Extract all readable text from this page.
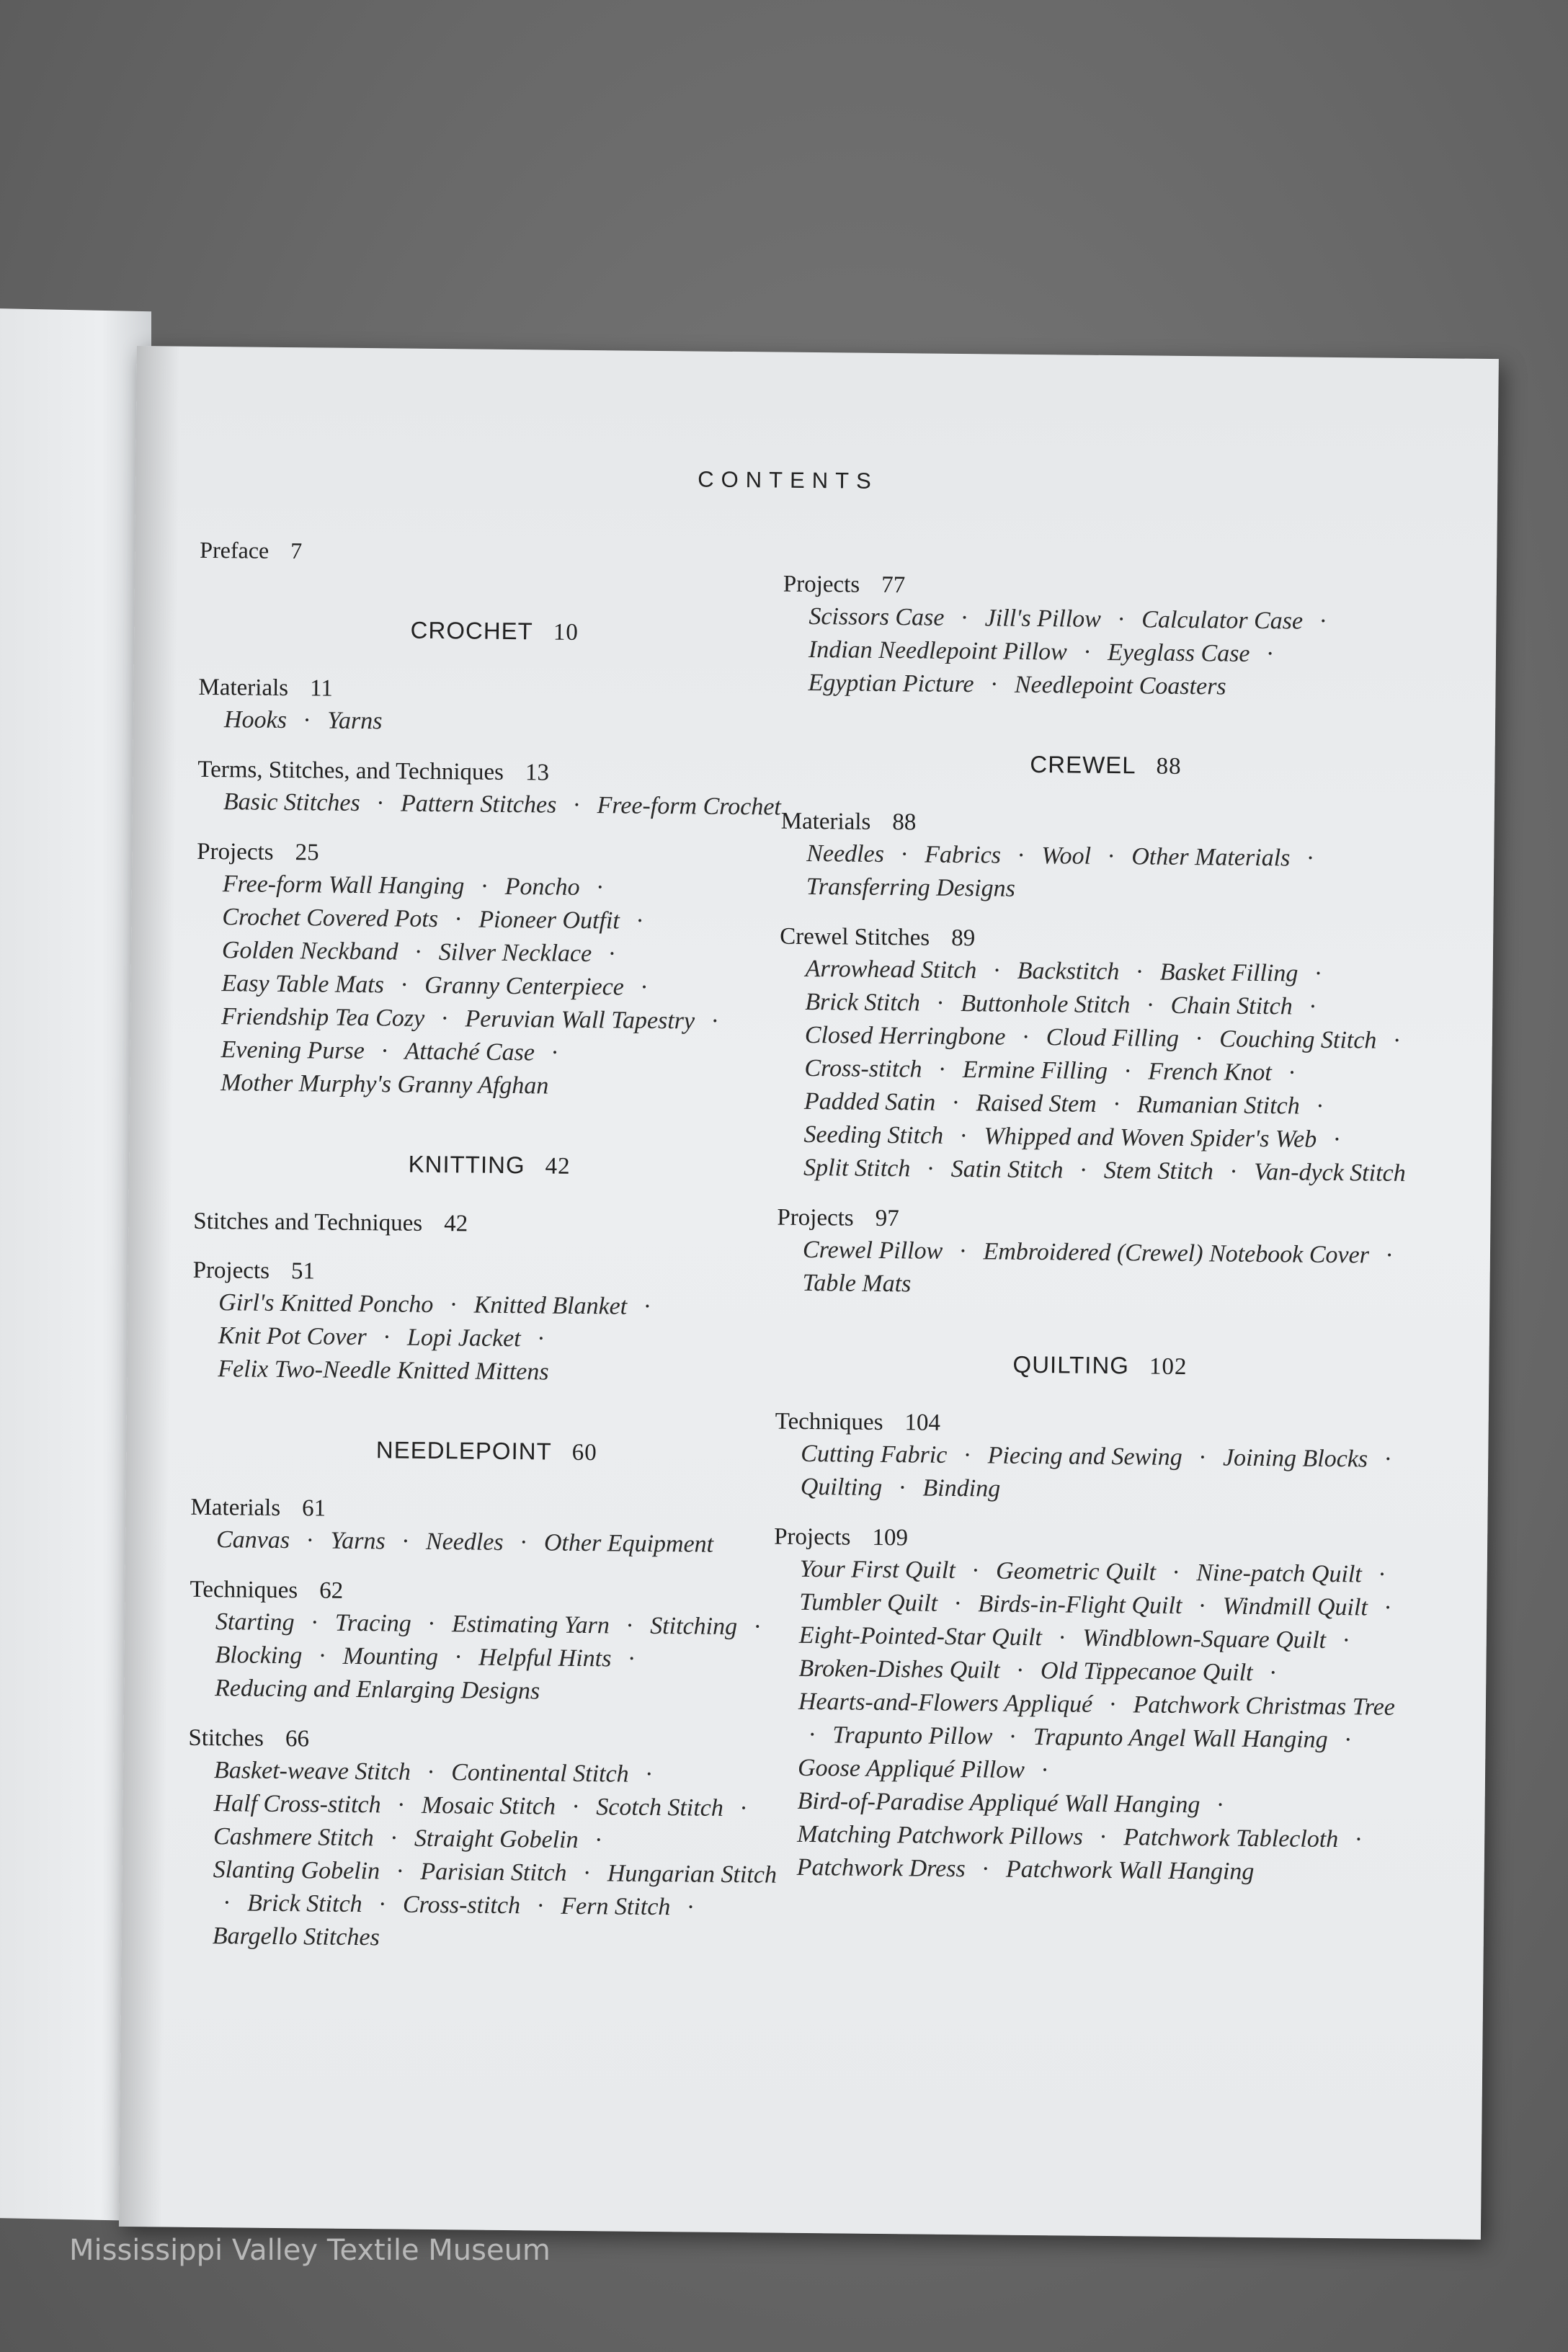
CONTENTS
Preface 7
CROCHET 10
Materials 11
Hooks · Yarns
Terms, Stitches, and Techniques 13
Basic Stitches · Pattern Stitches · Free-form Crochet
Projects 25
Free-form Wall Hanging · Poncho · Crochet Covered Pots · Pioneer Outfit · Golden Neckband · Silver Necklace · Easy Table Mats · Granny Centerpiece · Friendship Tea Cozy · Peruvian Wall Tapestry · Evening Purse · Attaché Case · Mother Murphy's Granny Afghan
KNITTING 42
Stitches and Techniques 42
Projects 51
Girl's Knitted Poncho · Knitted Blanket · Knit Pot Cover · Lopi Jacket · Felix Two-Needle Knitted Mittens
NEEDLEPOINT 60
Materials 61
Canvas · Yarns · Needles · Other Equipment
Techniques 62
Starting · Tracing · Estimating Yarn · Stitching · Blocking · Mounting · Helpful Hints · Reducing and Enlarging Designs
Stitches 66
Basket-weave Stitch · Continental Stitch · Half Cross-stitch · Mosaic Stitch · Scotch Stitch · Cashmere Stitch · Straight Gobelin · Slanting Gobelin · Parisian Stitch · Hungarian Stitch · Brick Stitch · Cross-stitch · Fern Stitch · Bargello Stitches
Projects 77
Scissors Case · Jill's Pillow · Calculator Case · Indian Needlepoint Pillow · Eyeglass Case · Egyptian Picture · Needlepoint Coasters
CREWEL 88
Materials 88
Needles · Fabrics · Wool · Other Materials · Transferring Designs
Crewel Stitches 89
Arrowhead Stitch · Backstitch · Basket Filling · Brick Stitch · Buttonhole Stitch · Chain Stitch · Closed Herringbone · Cloud Filling · Couching Stitch · Cross-stitch · Ermine Filling · French Knot · Padded Satin · Raised Stem · Rumanian Stitch · Seeding Stitch · Whipped and Woven Spider's Web · Split Stitch · Satin Stitch · Stem Stitch · Van-dyck Stitch
Projects 97
Crewel Pillow · Embroidered (Crewel) Notebook Cover · Table Mats
QUILTING 102
Techniques 104
Cutting Fabric · Piecing and Sewing · Joining Blocks · Quilting · Binding
Projects 109
Your First Quilt · Geometric Quilt · Nine-patch Quilt · Tumbler Quilt · Birds-in-Flight Quilt · Windmill Quilt · Eight-Pointed-Star Quilt · Windblown-Square Quilt · Broken-Dishes Quilt · Old Tippecanoe Quilt · Hearts-and-Flowers Appliqué · Patchwork Christmas Tree · Trapunto Pillow · Trapunto Angel Wall Hanging · Goose Appliqué Pillow · Bird-of-Paradise Appliqué Wall Hanging · Matching Patchwork Pillows · Patchwork Tablecloth · Patchwork Dress · Patchwork Wall Hanging
Mississippi Valley Textile Museum
